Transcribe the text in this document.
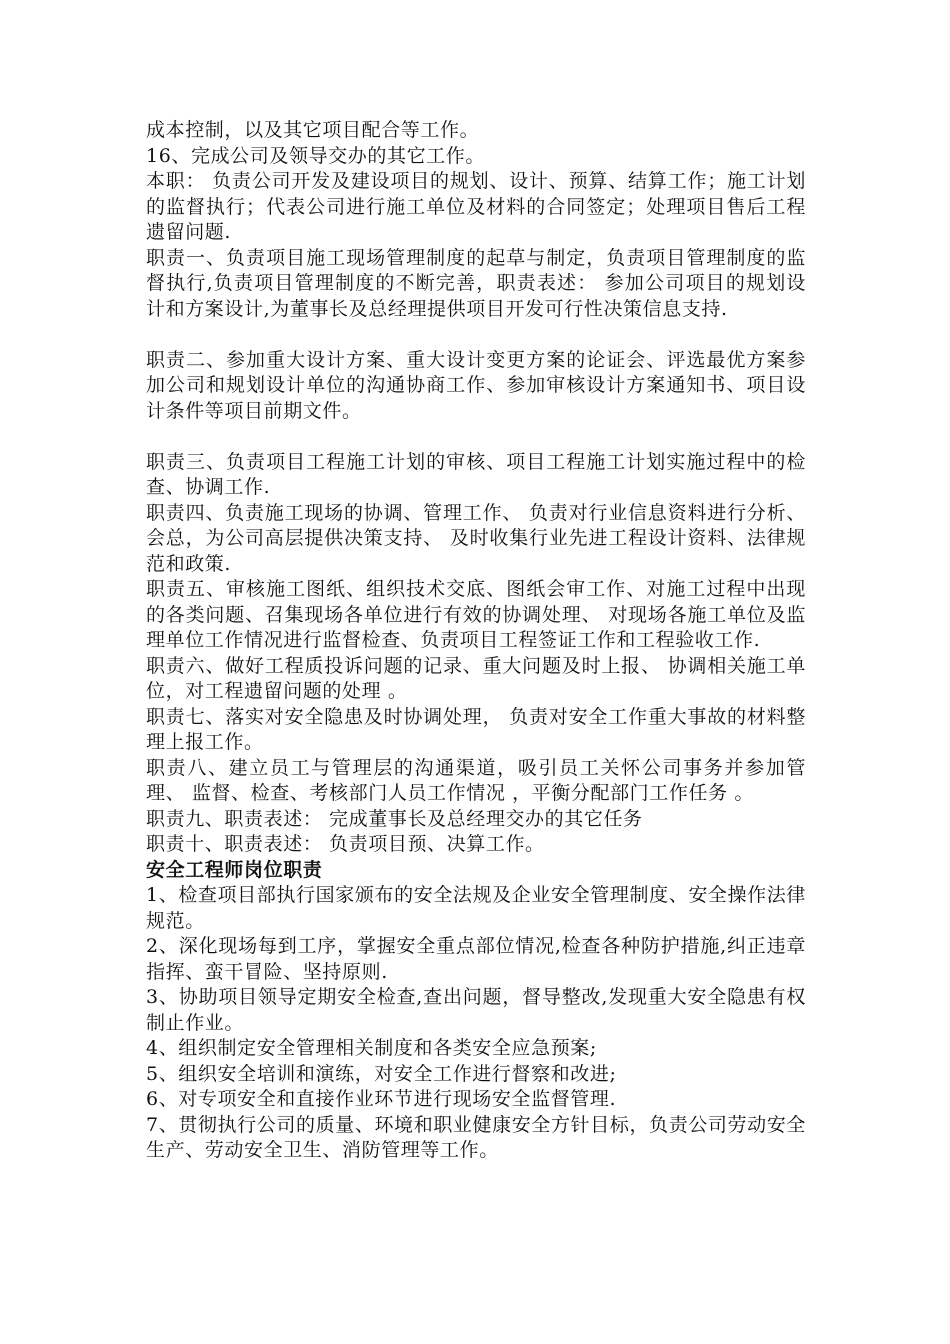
成本控制，以及其它项目配合等工作。

16、完成公司及领导交办的其它工作。

本职： 负责公司开发及建设项目的规划、设计、预算、结算工作；施工计划的监督执行；代表公司进行施工单位及材料的合同签定；处理项目售后工程遗留问题.

职责一、负责项目施工现场管理制度的起草与制定，负责项目管理制度的监督执行,负责项目管理制度的不断完善，职责表述： 参加公司项目的规划设计和方案设计,为董事长及总经理提供项目开发可行性决策信息支持.

职责二、参加重大设计方案、重大设计变更方案的论证会、评选最优方案参加公司和规划设计单位的沟通协商工作、参加审核设计方案通知书、项目设计条件等项目前期文件。

职责三、负责项目工程施工计划的审核、项目工程施工计划实施过程中的检查、协调工作.

职责四、负责施工现场的协调、管理工作、 负责对行业信息资料进行分析、会总，为公司高层提供决策支持、 及时收集行业先进工程设计资料、法律规范和政策.

职责五、审核施工图纸、组织技术交底、图纸会审工作、对施工过程中出现的各类问题、召集现场各单位进行有效的协调处理、 对现场各施工单位及监理单位工作情况进行监督检查、负责项目工程签证工作和工程验收工作.

职责六、做好工程质投诉问题的记录、重大问题及时上报、 协调相关施工单位，对工程遗留问题的处理 。

职责七、落实对安全隐患及时协调处理， 负责对安全工作重大事故的材料整理上报工作。

职责八、建立员工与管理层的沟通渠道，吸引员工关怀公司事务并参加管理、 监督、检查、考核部门人员工作情况 ，平衡分配部门工作任务 。

职责九、职责表述： 完成董事长及总经理交办的其它任务

职责十、职责表述： 负责项目预、决算工作。

安全工程师岗位职责

1、检查项目部执行国家颁布的安全法规及企业安全管理制度、安全操作法律规范。

2、深化现场每到工序，掌握安全重点部位情况,检查各种防护措施,纠正违章指挥、蛮干冒险、坚持原则.

3、协助项目领导定期安全检查,查出问题，督导整改,发现重大安全隐患有权制止作业。

4、组织制定安全管理相关制度和各类安全应急预案;

5、组织安全培训和演练，对安全工作进行督察和改进;

6、对专项安全和直接作业环节进行现场安全监督管理.

7、贯彻执行公司的质量、环境和职业健康安全方针目标，负责公司劳动安全生产、劳动安全卫生、消防管理等工作。
